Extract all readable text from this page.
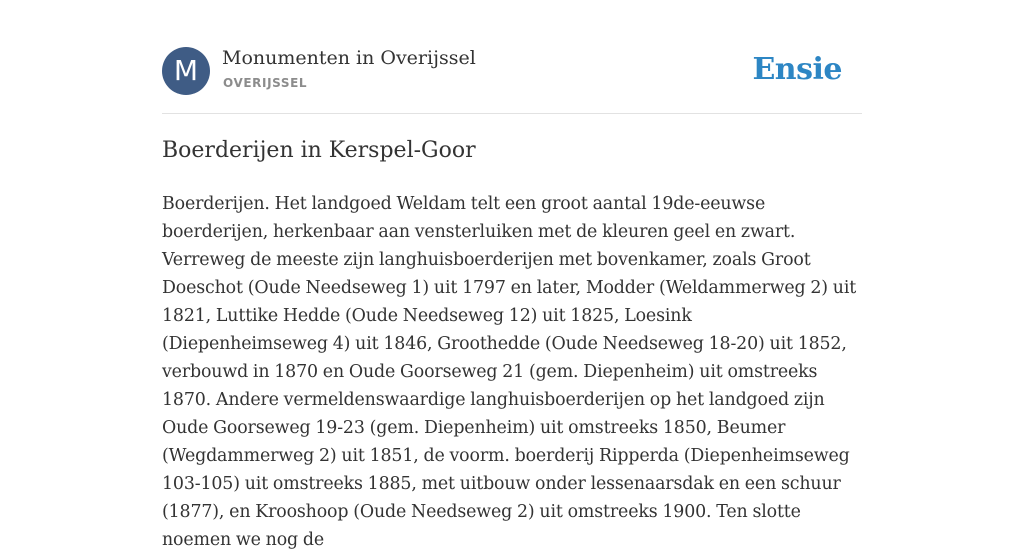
M	Monumenten in Overijssel
OVERIJSSEL	Ensie
Boerderijen in Kerspel-Goor

Boerderijen. Het landgoed Weldam telt een groot aantal 19de-eeuwse boerderijen, herkenbaar aan vensterluiken met de kleuren geel en zwart. Verreweg de meeste zijn langhuisboerderijen met bovenkamer, zoals Groot Doeschot (Oude Needseweg 1) uit 1797 en later, Modder (Weldammerweg 2) uit 1821, Luttike Hedde (Oude Needseweg 12) uit 1825, Loesink (Diepenheimseweg 4) uit 1846, Groothedde (Oude Needseweg 18-20) uit 1852, verbouwd in 1870 en Oude Goorseweg 21 (gem. Diepenheim) uit omstreeks 1870. Andere vermeldenswaardige langhuisboerderijen op het landgoed zijn Oude Goorseweg 19-23 (gem. Diepenheim) uit omstreeks 1850, Beumer (Wegdammerweg 2) uit 1851, de voorm. boerderij Ripperda (Diepenheimseweg 103-105) uit omstreeks 1885, met uitbouw onder lessenaarsdak en een schuur (1877), en Krooshoop (Oude Needseweg 2) uit omstreeks 1900. Ten slotte noemen we nog de
